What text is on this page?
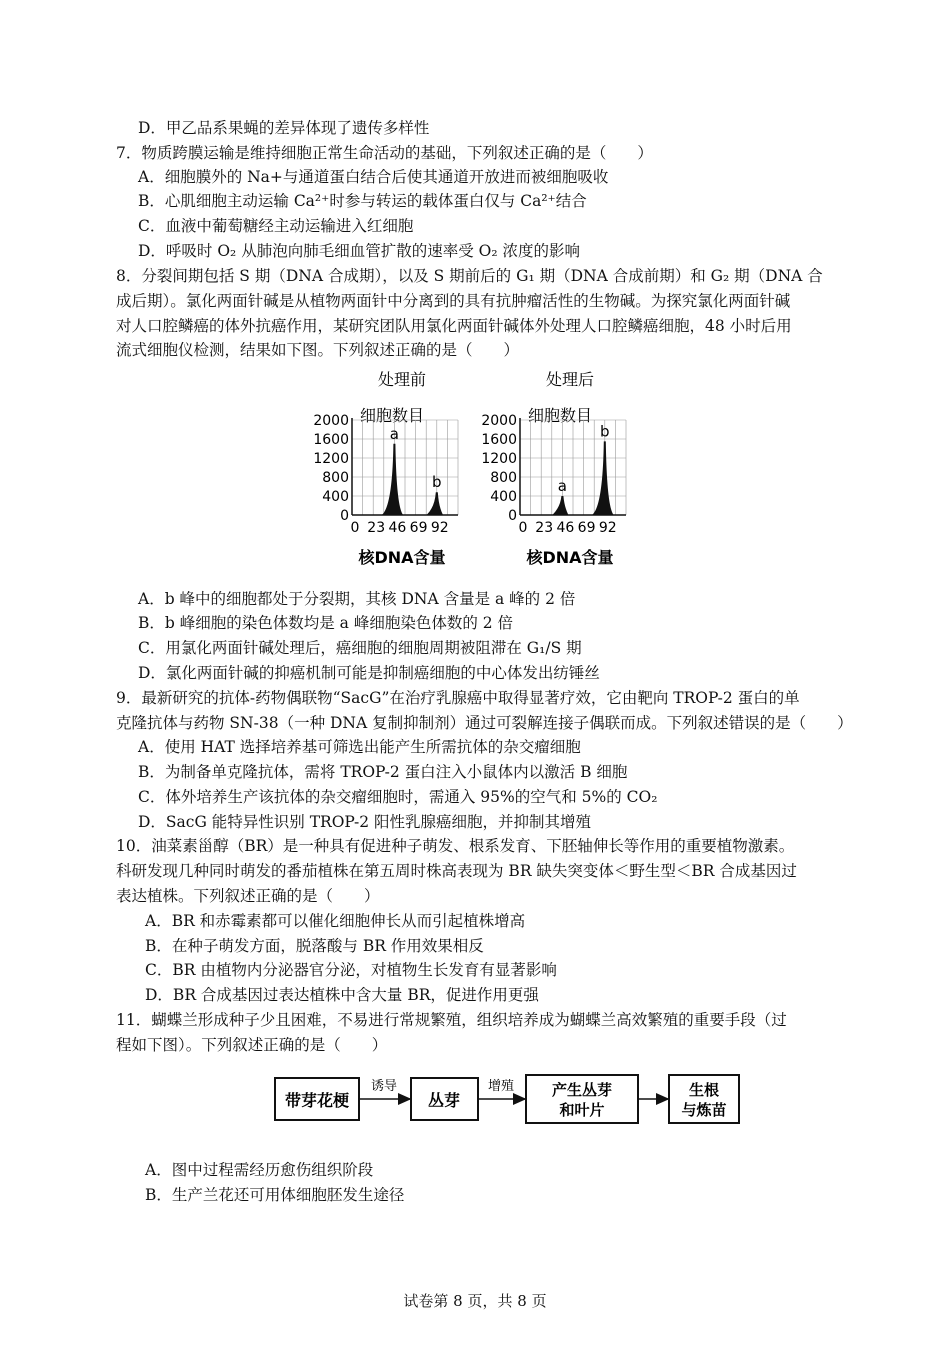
D．甲乙品系果蝇的差异体现了遗传多样性
7．物质跨膜运输是维持细胞正常生命活动的基础，下列叙述正确的是（　　）
A．细胞膜外的 Na+与通道蛋白结合后使其通道开放进而被细胞吸收
B．心肌细胞主动运输 Ca²⁺时参与转运的载体蛋白仅与 Ca²⁺结合
C．血液中葡萄糖经主动运输进入红细胞
D．呼吸时 O₂ 从肺泡向肺毛细血管扩散的速率受 O₂ 浓度的影响
8．分裂间期包括 S 期（DNA 合成期），以及 S 期前后的 G₁ 期（DNA 合成前期）和 G₂ 期（DNA 合
成后期）。氯化两面针碱是从植物两面针中分离到的具有抗肿瘤活性的生物碱。为探究氯化两面针碱
对人口腔鳞癌的体外抗癌作用，某研究团队用氯化两面针碱体外处理人口腔鳞癌细胞，48 小时后用
流式细胞仪检测，结果如下图。下列叙述正确的是（　　）
处理前
细胞数目
核DNA含量
2000
1600
1200
800
400
0
0 23 46 69 92
a
b
处理后
细胞数目
核DNA含量
2000
1600
1200
800
400
0
0 23 46 69 92
a
b
A．b 峰中的细胞都处于分裂期，其核 DNA 含量是 a 峰的 2 倍
B．b 峰细胞的染色体数均是 a 峰细胞染色体数的 2 倍
C．用氯化两面针碱处理后，癌细胞的细胞周期被阻滞在 G₁/S 期
D．氯化两面针碱的抑癌机制可能是抑制癌细胞的中心体发出纺锤丝
9．最新研究的抗体-药物偶联物“SacG”在治疗乳腺癌中取得显著疗效，它由靶向 TROP-2 蛋白的单
克隆抗体与药物 SN-38（一种 DNA 复制抑制剂）通过可裂解连接子偶联而成。下列叙述错误的是（　　）
A．使用 HAT 选择培养基可筛选出能产生所需抗体的杂交瘤细胞
B．为制备单克隆抗体，需将 TROP-2 蛋白注入小鼠体内以激活 B 细胞
C．体外培养生产该抗体的杂交瘤细胞时，需通入 95%的空气和 5%的 CO₂
D．SacG 能特异性识别 TROP-2 阳性乳腺癌细胞，并抑制其增殖
10．油菜素甾醇（BR）是一种具有促进种子萌发、根系发育、下胚轴伸长等作用的重要植物激素。
科研发现几种同时萌发的番茄植株在第五周时株高表现为 BR 缺失突变体＜野生型＜BR 合成基因过
表达植株。下列叙述正确的是（　　）
A．BR 和赤霉素都可以催化细胞伸长从而引起植株增高
B．在种子萌发方面，脱落酸与 BR 作用效果相反
C．BR 由植物内分泌器官分泌，对植物生长发育有显著影响
D．BR 合成基因过表达植株中含大量 BR，促进作用更强
11．蝴蝶兰形成种子少且困难，不易进行常规繁殖，组织培养成为蝴蝶兰高效繁殖的重要手段（过
程如下图）。下列叙述正确的是（　　）
带芽花梗
诱导
丛芽
增殖	产生丛芽
和叶片
生根
与炼苗
A．图中过程需经历愈伤组织阶段
B．生产兰花还可用体细胞胚发生途径
试卷第 8 页，共 8 页
